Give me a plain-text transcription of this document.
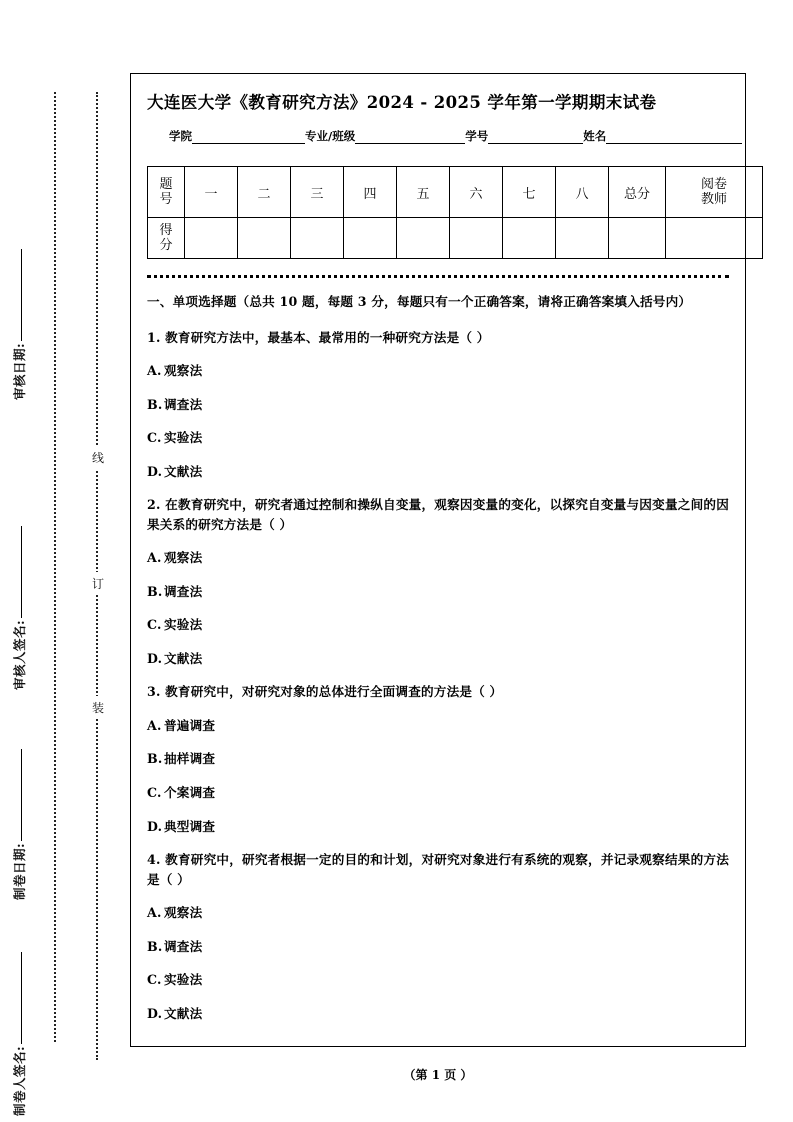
审核日期:
审核人签名:
制卷日期:
制卷人签名:
线
订
装
大连医大学《教育研究方法》2024 - 2025 学年第一学期期末试卷
学院	专业/班级	学号	姓名
题
号	一	二	三	四	五	六	七	八	总分	阅卷
教师

得
分										

一、单项选择题（总共 10 题，每题 3 分，每题只有一个正确答案，请将正确答案填入括号内）
1. 教育研究方法中，最基本、最常用的一种研究方法是（ ）
A. 观察法
B. 调查法
C. 实验法
D. 文献法
2. 在教育研究中，研究者通过控制和操纵自变量，观察因变量的变化，以探究自变量与因变量之间的因果关系的研究方法是（ ）
A. 观察法
B. 调查法
C. 实验法
D. 文献法
3. 教育研究中，对研究对象的总体进行全面调查的方法是（ ）
A. 普遍调查
B. 抽样调查
C. 个案调查
D. 典型调查
4. 教育研究中，研究者根据一定的目的和计划，对研究对象进行有系统的观察，并记录观察结果的方法是（ ）
A. 观察法
B. 调查法
C. 实验法
D. 文献法
（第 1 页 ）
